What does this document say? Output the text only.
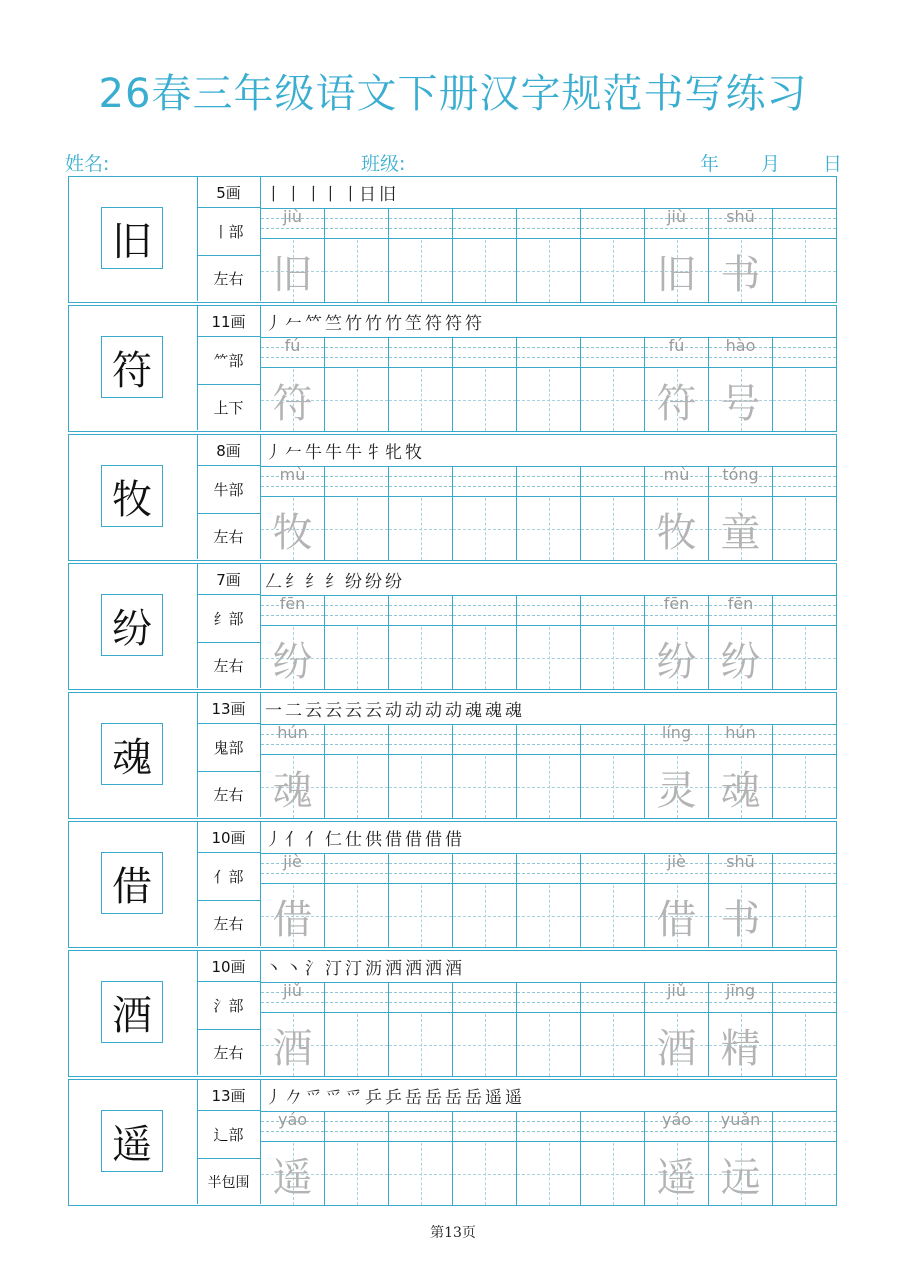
26春三年级语文下册汉字规范书写练习
姓名:	班级:	年 月 日
旧
5画
丨部
左右
丨 丨 丨丨 丨日 旧
jiù
旧
jiù
旧
shū
书
符
11画
⺮部
上下
丿 𠂉 𥫗 竺 竹 竹 竹 笁 符 符 符
fú
符
fú
符
hào
号
牧
8画
牛部
左右
丿 𠂉 牛 牛 牛 牜 牝 牧
mù
牧
mù
牧
tóng
童
纷
7画
纟部
左右
𠃋 纟 纟 纟 纷 纷 纷
fēn
纷
fēn
纷
fēn
纷
魂
13画
鬼部
左右
一 二 云 云 云 云 动 动 动 动 魂 魂 魂
hún
魂
líng
灵
hún
魂
借
10画
亻部
左右
丿 亻 亻 仁 仕 供 借 借 借 借
jiè
借
jiè
借
shū
书
酒
10画
氵部
左右
丶 丶 氵 汀 汀 沥 洒 洒 洒 酒
jiǔ
酒
jiǔ
酒
jīng
精
遥
13画
辶部
半包围
丿 𠂊 爫 爫 爫 乒 乒 岳 岳 岳 岳 遥 遥
yáo
遥
yáo
遥
yuǎn
远
第13页
